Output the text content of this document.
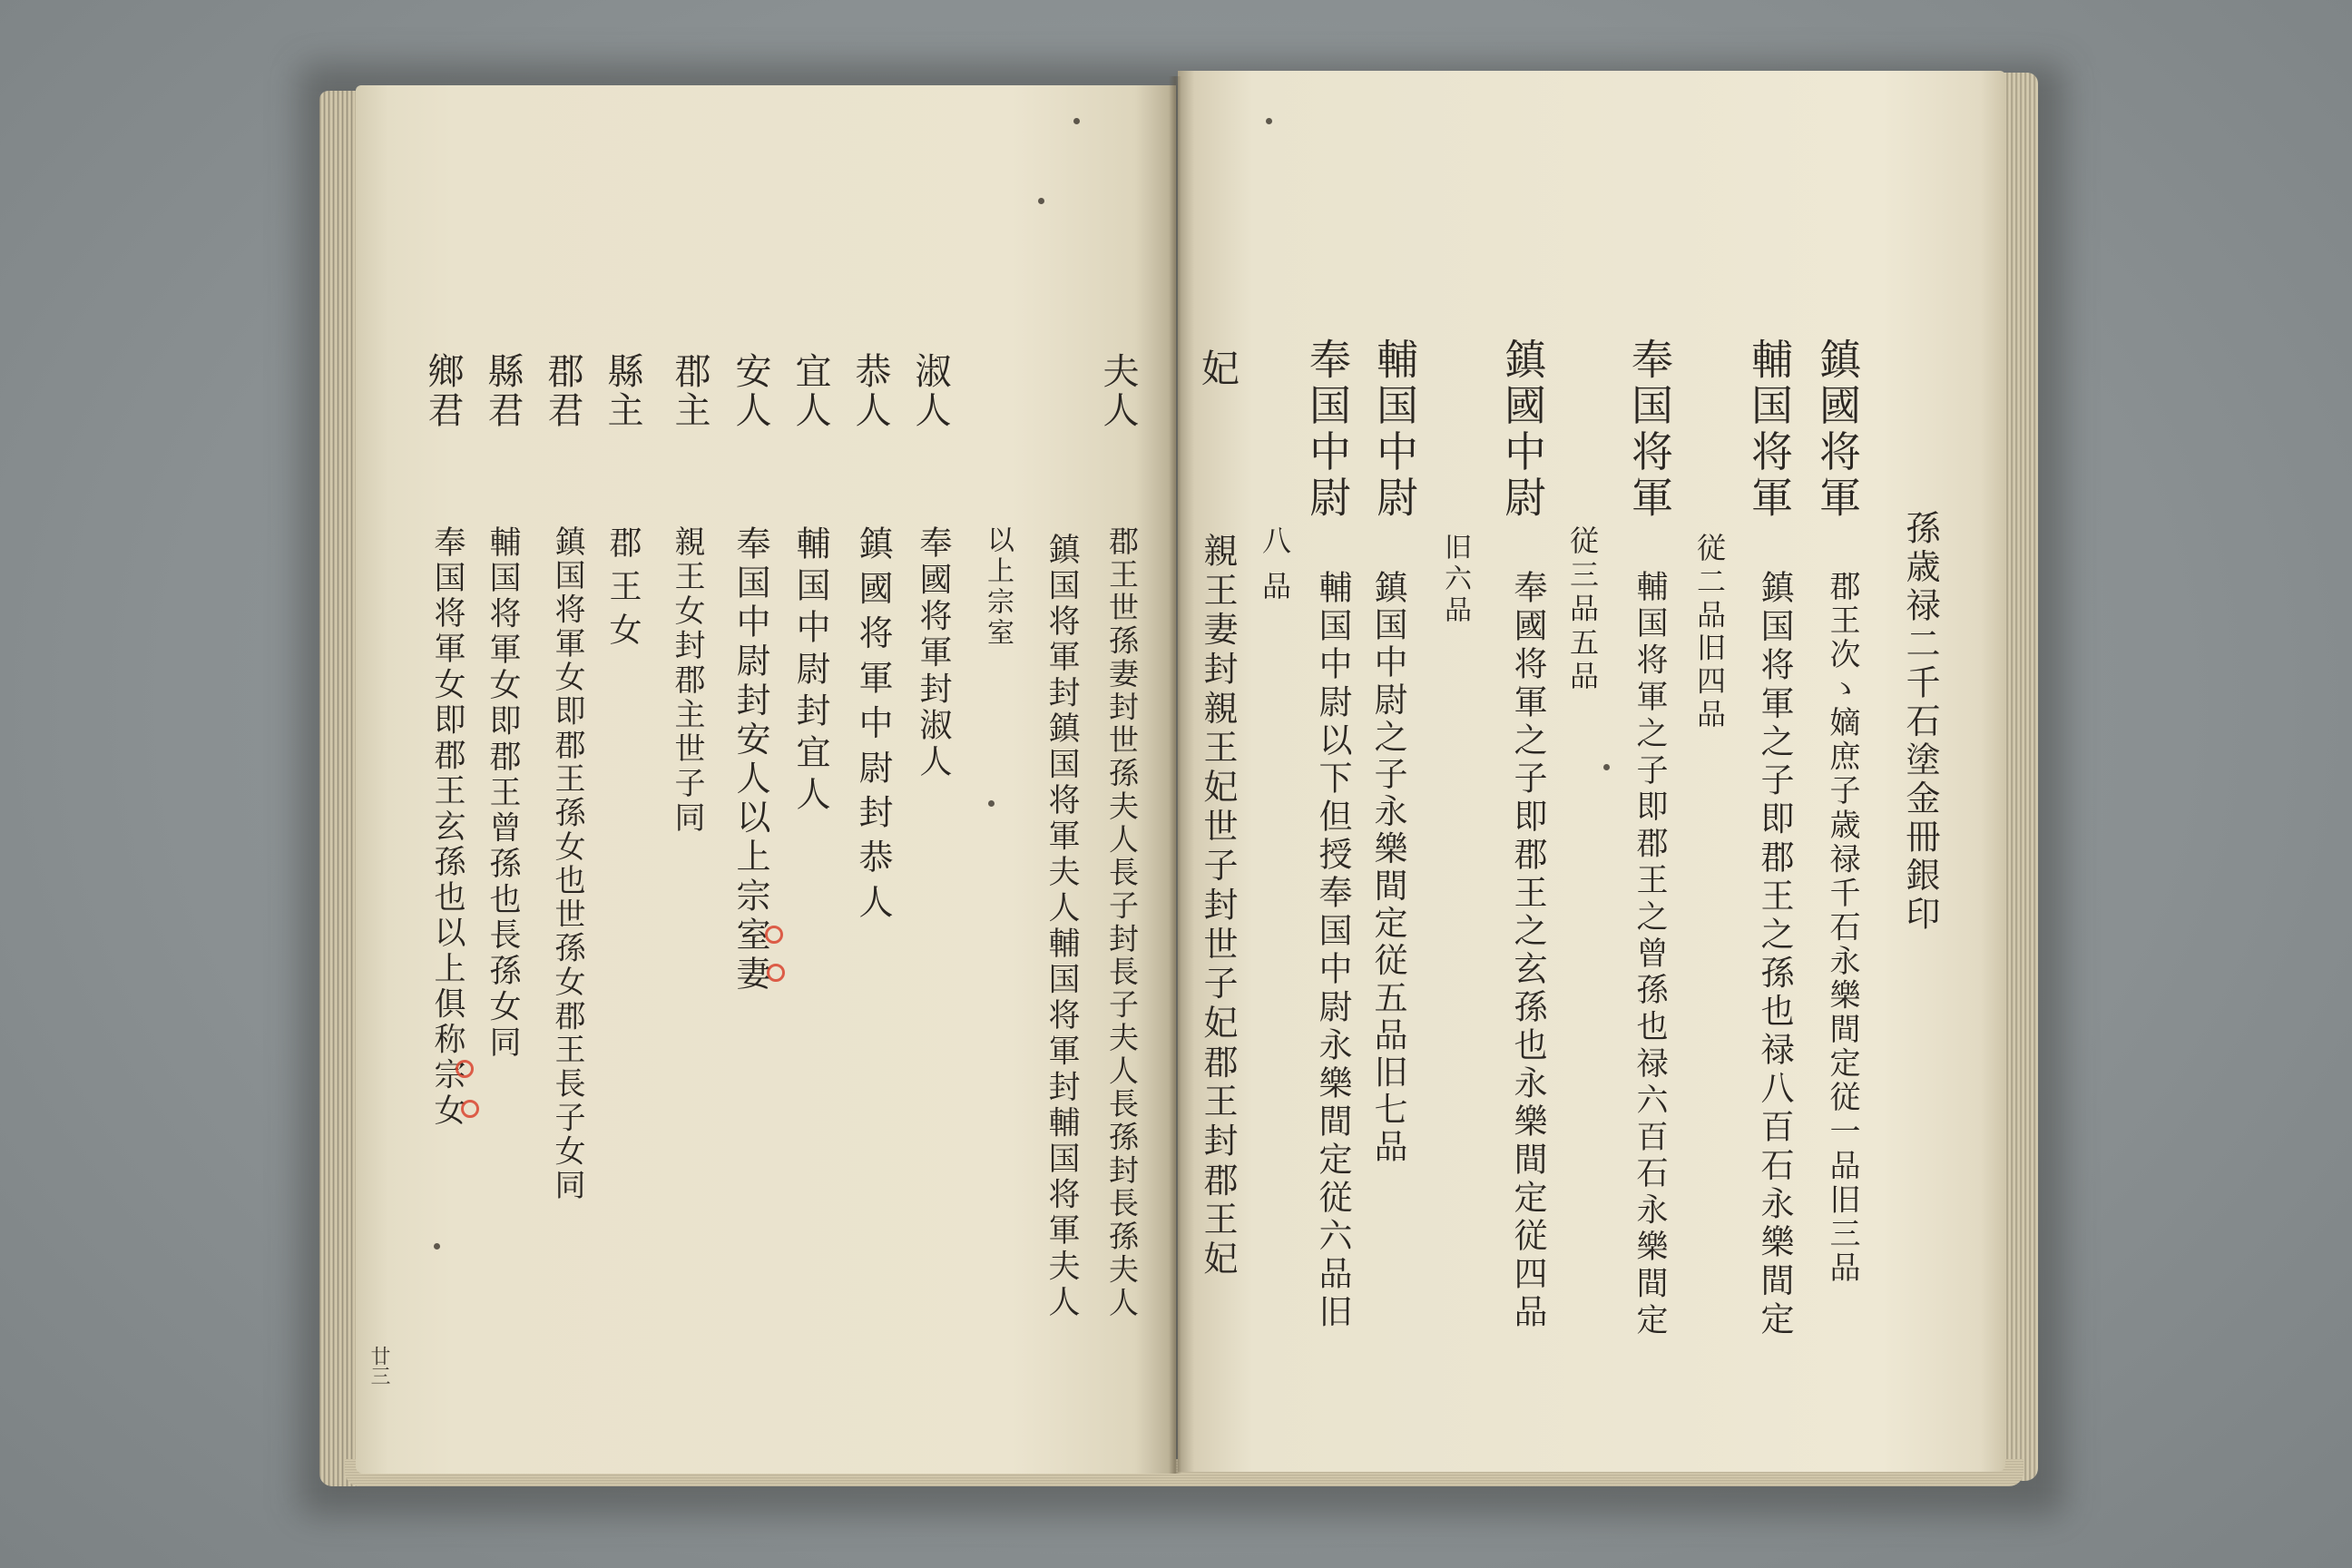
孫歳禄二千石塗金冊銀印
鎮國将軍
郡王次ゝ嫡庶子歳禄千石永樂間定従一品旧三品
輔国将軍
鎮国将軍之子即郡王之孫也禄八百石永樂間定
従二品旧四品
奉国将軍
輔国将軍之子即郡王之曾孫也禄六百石永樂間定
従三品五品
鎮國中尉
奉國将軍之子即郡王之玄孫也永樂間定従四品
旧六品
輔国中尉
鎮国中尉之子永樂間定従五品旧七品
奉国中尉
輔国中尉以下但授奉国中尉永樂間定従六品旧
八品
妃
親王妻封親王妃世子封世子妃郡王封郡王妃
夫人
郡王世孫妻封世孫夫人長子封長子夫人長孫封長孫夫人
鎮国将軍封鎮国将軍夫人輔国将軍封輔国将軍夫人
以上宗室
淑人
奉國将軍封淑人
恭人
鎮國将軍中尉封恭人
宜人
輔国中尉封宜人
安人
奉国中尉封安人以上宗室妻
郡主
親王女封郡主世子同
縣主
郡王女
郡君
鎮国将軍女即郡王孫女也世孫女郡王長子女同
縣君
輔国将軍女即郡王曾孫也長孫女同
鄉君
奉国将軍女即郡王玄孫也以上俱称宗女
廿三
